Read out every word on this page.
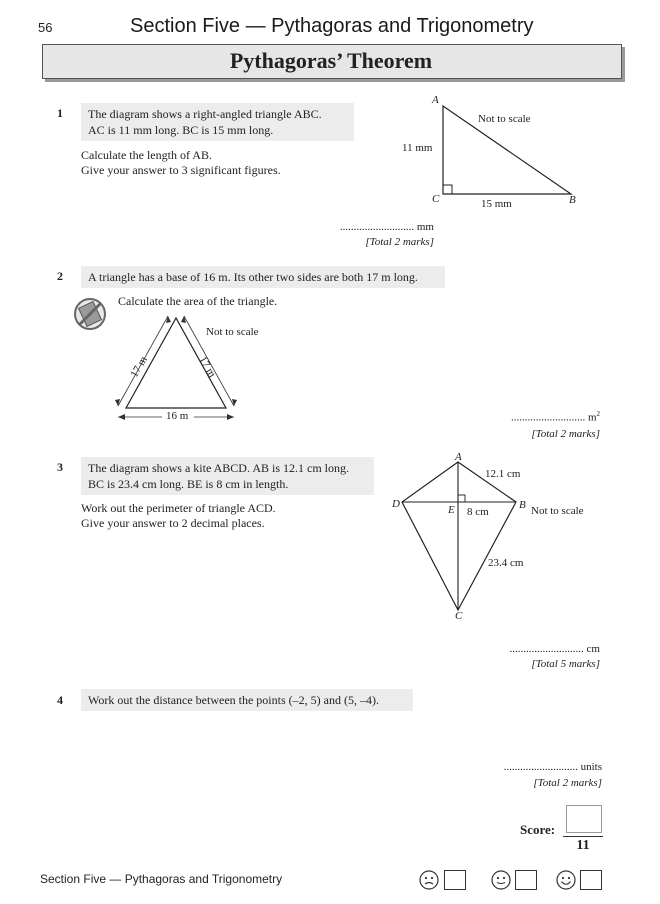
56	Section Five — Pythagoras and Trigonometry
Pythagoras’ Theorem
1 The diagram shows a right-angled triangle ABC.
AC is 11 mm long. BC is 15 mm long.
Calculate the length of AB.
Give your answer to 3 significant figures.
A
C	B
11 mm
15 mm
Not to scale
........................... mm
[Total 2 marks]
2 A triangle has a base of 16 m. Its other two sides are both 17 m long.
Calculate the area of the triangle.
17 m	17 m
16 m
Not to scale
........................... $m^2$
[Total 2 marks]
3 The diagram shows a kite ABCD. AB is 12.1 cm long.
BC is 23.4 cm long. BE is 8 cm in length.
Work out the perimeter of triangle ACD.
Give your answer to 2 decimal places.
A
B
C
D	E
12.1 cm
8 cm
23.4 cm
Not to scale
........................... cm
[Total 5 marks]
4 Work out the distance between the points (–2, 5) and (5, –4).
........................... units
[Total 2 marks]
Score:
11
Section Five — Pythagoras and Trigonometry
